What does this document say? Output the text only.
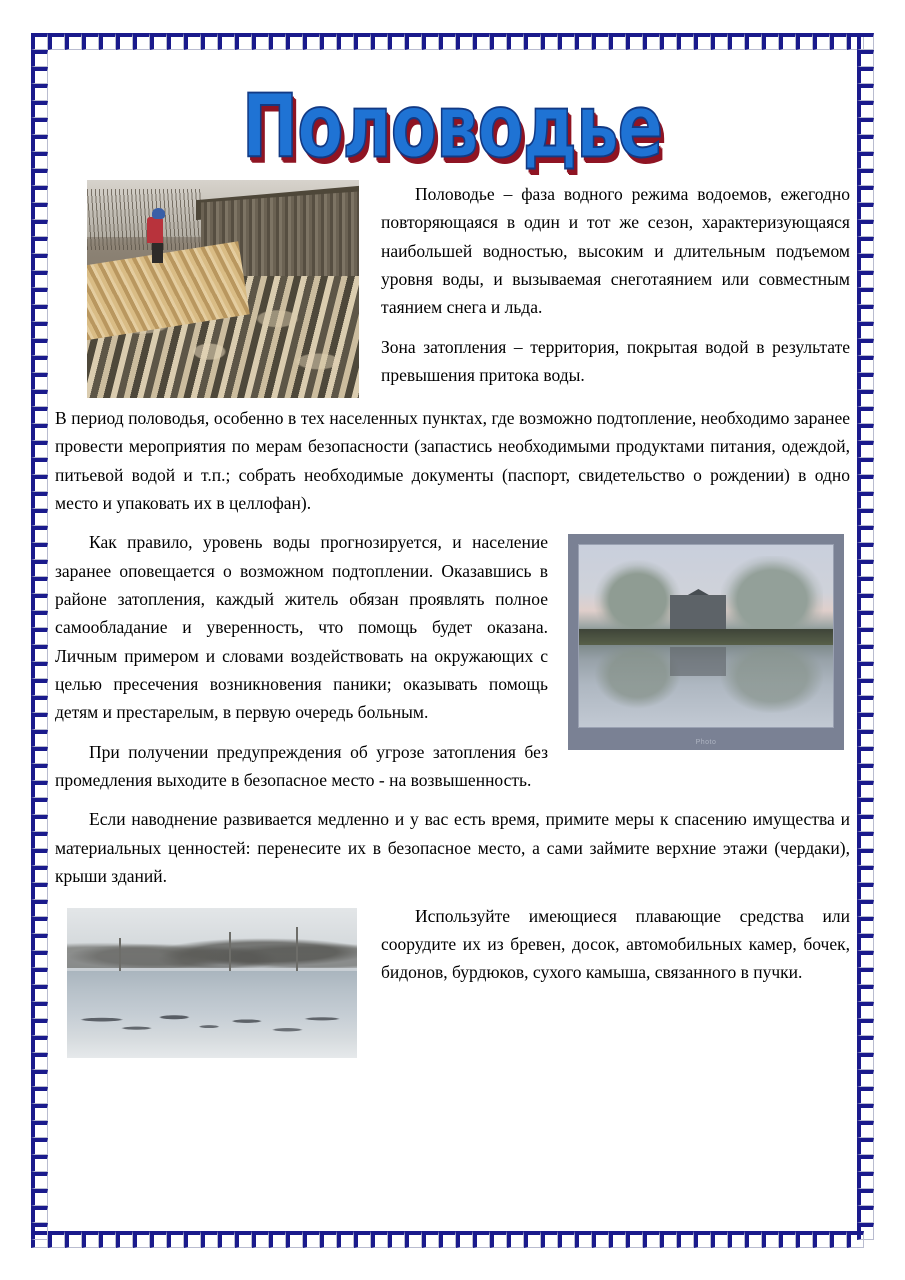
Половодье

Половодье – фаза водного режима водоемов, ежегодно повторяющаяся в один и тот же сезон, характеризующаяся наибольшей водностью, высоким и длительным подъемом уровня воды, и вызываемая снеготаянием или совместным таянием снега и льда.

Зона затопления – территория, покрытая водой в результате превышения притока воды.

В период половодья, особенно в тех населенных пунктах, где возможно подтопление, необходимо заранее провести мероприятия по мерам безопасности (запастись необходимыми продуктами питания, одеждой, питьевой водой и т.п.; собрать необходимые документы (паспорт, свидетельство о рождении) в одно место и упаковать их в целлофан).

Photo

Как правило, уровень воды прогнозируется, и население заранее оповещается о возможном подтоплении. Оказавшись в районе затопления, каждый житель обязан проявлять полное самообладание и уверенность, что помощь будет оказана. Личным примером и словами воздействовать на окружающих с целью пресечения возникновения паники; оказывать помощь детям и престарелым, в первую очередь больным.

При получении предупреждения об угрозе затопления без промедления выходите в безопасное место - на возвышенность.

Если наводнение развивается медленно и у вас есть время, примите меры к спасению имущества и материальных ценностей: перенесите их в безопасное место, а сами займите верхние этажи (чердаки), крыши зданий.

Используйте имеющиеся плавающие средства или соорудите их из бревен, досок, автомобильных камер, бочек, бидонов, бурдюков, сухого камыша, связанного в пучки.
